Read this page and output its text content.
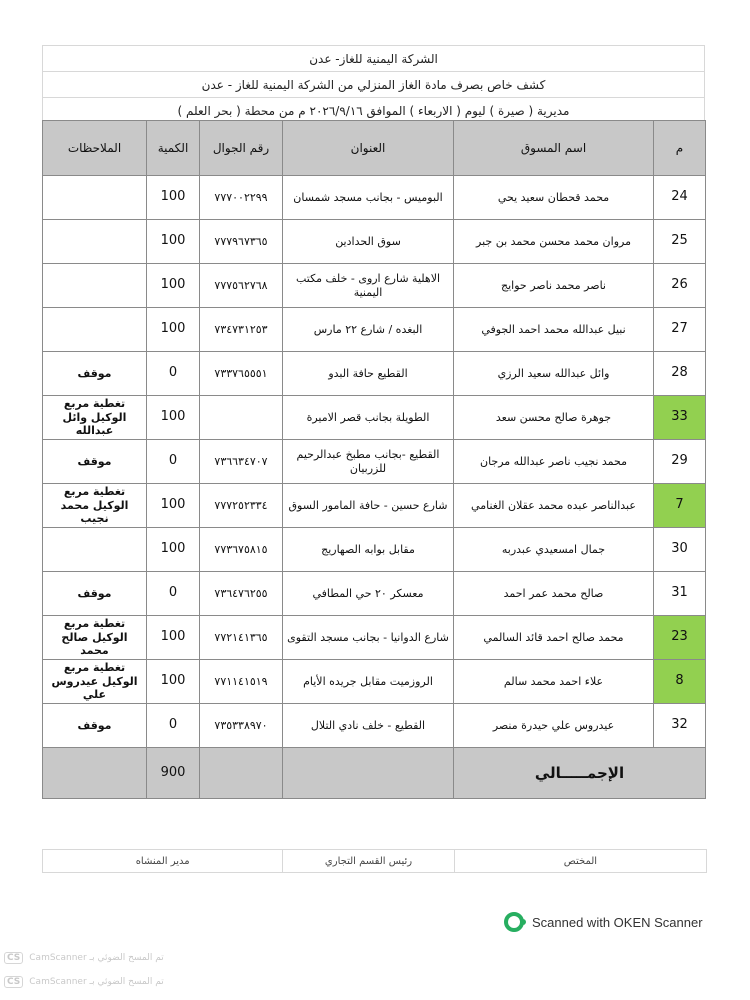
الشركة اليمنية للغاز- عدن
كشف خاص بصرف مادة الغاز المنزلي من الشركة اليمنية للغاز - عدن
مديرية ( صيرة ) ليوم ( الاربعاء ) الموافق ٢٠٢٦/٩/١٦ م من محطة ( بحر العلم )
م	اسم المسوق	العنوان	رقم الجوال	الكمية	الملاحظات
24	محمد قحطان سعيد يحي	البوميس - بجانب مسجد شمسان	٧٧٧٠٠٢٢٩٩	100	
25	مروان محمد محسن محمد بن جبر	سوق الحدادين	٧٧٧٩٦٧٣٦٥	100	
26	ناصر محمد ناصر حوايج	الاهلية شارع اروى - خلف مكتب اليمنية	٧٧٧٥٦٢٧٦٨	100	
27	نبيل عبدالله محمد احمد الجوفي	البغده / شارع ٢٢ مارس	٧٣٤٧٣١٢٥٣	100	
28	وائل عبدالله سعيد الرزي	القطيع حافة البدو	٧٣٣٧٦٥٥٥١	0	موقف
33	جوهرة صالح محسن سعد	الطويلة بجانب قصر الاميرة		100	تغطية مربع الوكيل وائل عبدالله
29	محمد نجيب ناصر عبدالله مرجان	القطيع -بجانب مطبخ عبدالرحيم للزربيان	٧٣٦٦٣٤٧٠٧	0	موقف
7	عبدالناصر عبده محمد عقلان الغنامي	شارع حسين - حافة المامور السوق	٧٧٧٢٥٢٣٣٤	100	تغطية مربع الوكيل محمد نجيب
30	جمال امسعيدي عبدربه	مقابل بوابه الصهاريج	٧٧٣٦٧٥٨١٥	100	
31	صالح محمد عمر احمد	معسكر ٢٠ حي المطافي	٧٣٦٤٧٦٢٥٥	0	موقف
23	محمد صالح احمد قائد السالمي	شارع الدوانيا - بجانب مسجد التقوى	٧٧٢١٤١٣٦٥	100	تغطية مربع الوكيل صالح محمد
8	علاء احمد محمد سالم	الروزميت مقابل جريده الأيام	٧٧١١٤١٥١٩	100	تغطية مربع الوكيل عيدروس علي
32	عيدروس علي حيدرة منصر	القطيع - خلف نادي التلال	٧٣٥٣٣٨٩٧٠	0	موقف
الإجمـــــالي				900	
المختص
رئيس القسم التجاري
مدير المنشاه
Scanned with OKEN Scanner
CS	CamScanner تم المسح الضوئي بـ
CS	CamScanner تم المسح الضوئي بـ
